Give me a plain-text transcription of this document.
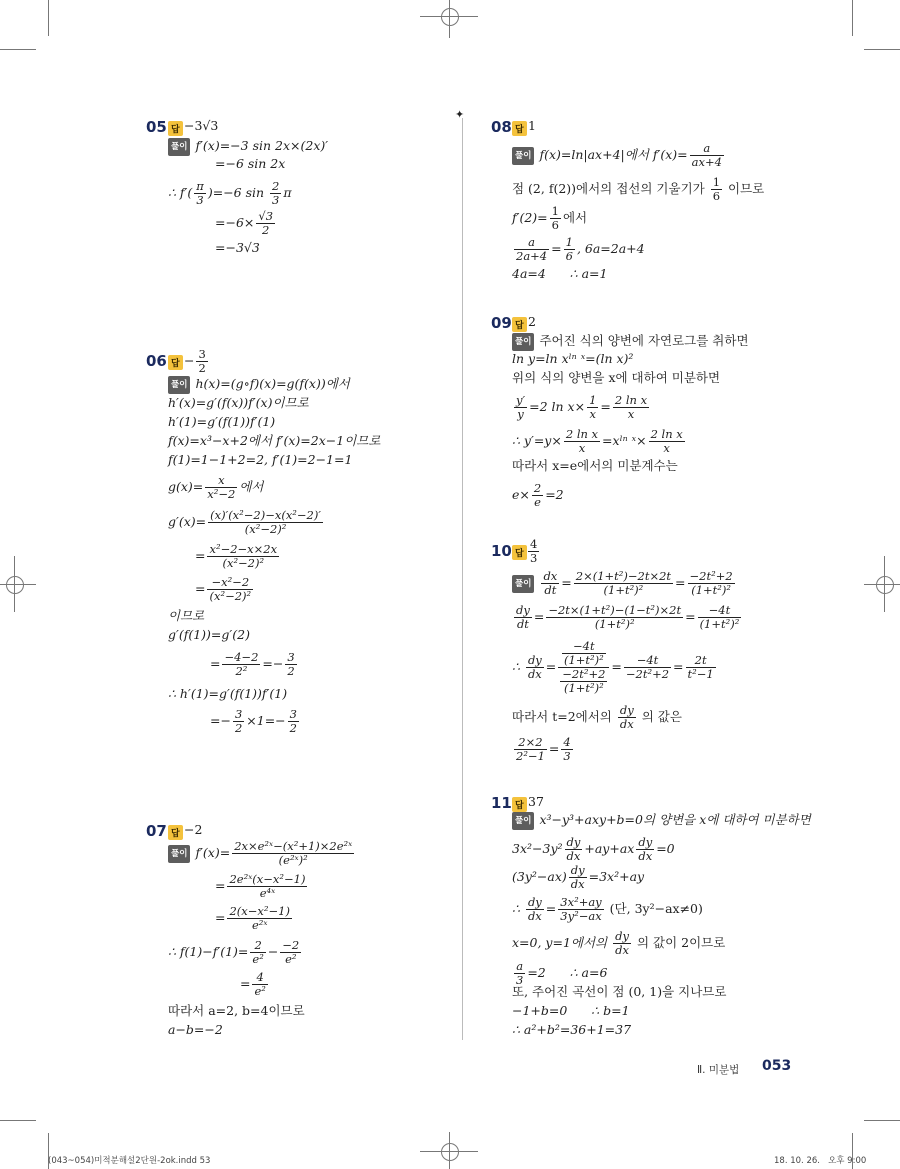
✦
05 답 −3√3
풀이 f′(x)=−3 sin 2x×(2x)′
=−6 sin 2x
∴ $f'( \frac{\pi}{3} )=-6$ $\sin \frac{2}{3}$ π
$=-6\times \frac{√3}{2}$
=−3√3
06 답 − $\frac{3}{2}$
풀이 h(x)=(g∘f)(x)=g(f(x))에서
h′(x)=g′(f(x))f′(x)이므로
h′(1)=g′(f(1))f′(1)
f(x)=x³−x+2에서 f′(x)=2x−1이므로
f(1)=1−1+2=2, f′(1)=2−1=1
$g(x)= \frac{x}{\text{x²−2}}$ 에서
$g'(x)= \frac{\text{(x)′(x²−2)−x(x²−2)′}}{\text{(x²−2)²}}$
= $\frac{\text{x²−2−x×2x}}{\text{(x²−2)²}}$
= $\frac{\text{−x²−2}}{\text{(x²−2)²}}$
이므로
g′(f(1))=g′(2)
= $\frac{-4-2}{\text{2²}} =- \frac{3}{2}$
∴ h′(1)=g′(f(1))f′(1)
=− $\frac{3}{2} \times 1=- \frac{3}{2}$
07 답 −2
풀이 $f'(x)= \frac{\text{2x×e²ˣ−(x²+1)×2e²ˣ}}{\text{(e²ˣ)²}}$
= $\frac{\text{2e²ˣ(x−x²−1)}}{\text{e⁴ˣ}}$
= $\frac{\text{2(x−x²−1)}}{\text{e²ˣ}}$
∴ $f(1)-f'(1)= \frac{2}{\text{e²}} - \frac{-2}{\text{e²}}$
= $\frac{4}{\text{e²}}$
따라서 a=2, b=4이므로
a−b=−2
08 답 1
풀이 f(x)=ln|ax+4|에서 $f'(x)= \frac{a}{ax+4}$
점 (2, f(2))에서의 접선의 기울기가 $\frac{1}{6}$ 이므로
$f'(2)= \frac{1}{6}$ 에서
$\frac{a}{2a+4} = \frac{1}{6}$ , 6a=2a+4
4a=4      ∴ a=1
09 답 2
풀이 주어진 식의 양변에 자연로그를 취하면
ln y=ln xˡⁿ ˣ=(ln x)²
위의 식의 양변을 x에 대하여 미분하면
$\frac{y'}{y} =2$ $\ln x\times \frac{1}{x} = \frac{\text{2 ln x}}{x}$
∴ $y'=y\times \frac{\text{2 ln x}}{x}$ =xˡⁿ ˣ× $\frac{\text{2 ln x}}{x}$
따라서 x=e에서의 미분계수는
$e\times \frac{2}{e} =2$
10 답 $\frac{4}{3}$
풀이 $\frac{dx}{dt} = \frac{\text{2×(1+t²)−2t×2t}}{\text{(1+t²)²}} = \frac{\text{−2t²+2}}{\text{(1+t²)²}}$
$\frac{dy}{dt} = \frac{\text{−2t×(1+t²)−(1−t²)×2t}}{\text{(1+t²)²}} = \frac{-4t}{\text{(1+t²)²}}$
∴ $\frac{dy}{dx} = \frac{\frac{-4t}{\text{(1+t²)²}}}{\frac{\text{−2t²+2}}{\text{(1+t²)²}}} = \frac{-4t}{\text{−2t²+2}} = \frac{2t}{\text{t²−1}}$
따라서 t=2에서의 $\frac{dy}{dx}$ 의 값은
$\frac{2\times 2}{\text{2²−1}} = \frac{4}{3}$
11 답 37
풀이 x³−y³+axy+b=0의 양변을 x에 대하여 미분하면
$3x^2-3y^2 \frac{dy}{dx} +ay+ax \frac{dy}{dx} =0$
$(3y^2-ax) \frac{dy}{dx} =3x^2+ay$
∴ $\frac{dy}{dx} = \frac{\text{3x²+ay}}{\text{3y²−ax}}$ (단, 3y²−ax≠0)
x=0, y=1에서의 $\frac{dy}{dx}$ 의 값이 2이므로
$\frac{a}{3} =2$      ∴ a=6
또, 주어진 곡선이 점 (0, 1)을 지나므로
−1+b=0      ∴ b=1
∴ a²+b²=36+1=37
Ⅱ. 미분법 053
(043~054)미적분해설2단원-2ok.indd 53	18. 10. 26.   오후 9:00
